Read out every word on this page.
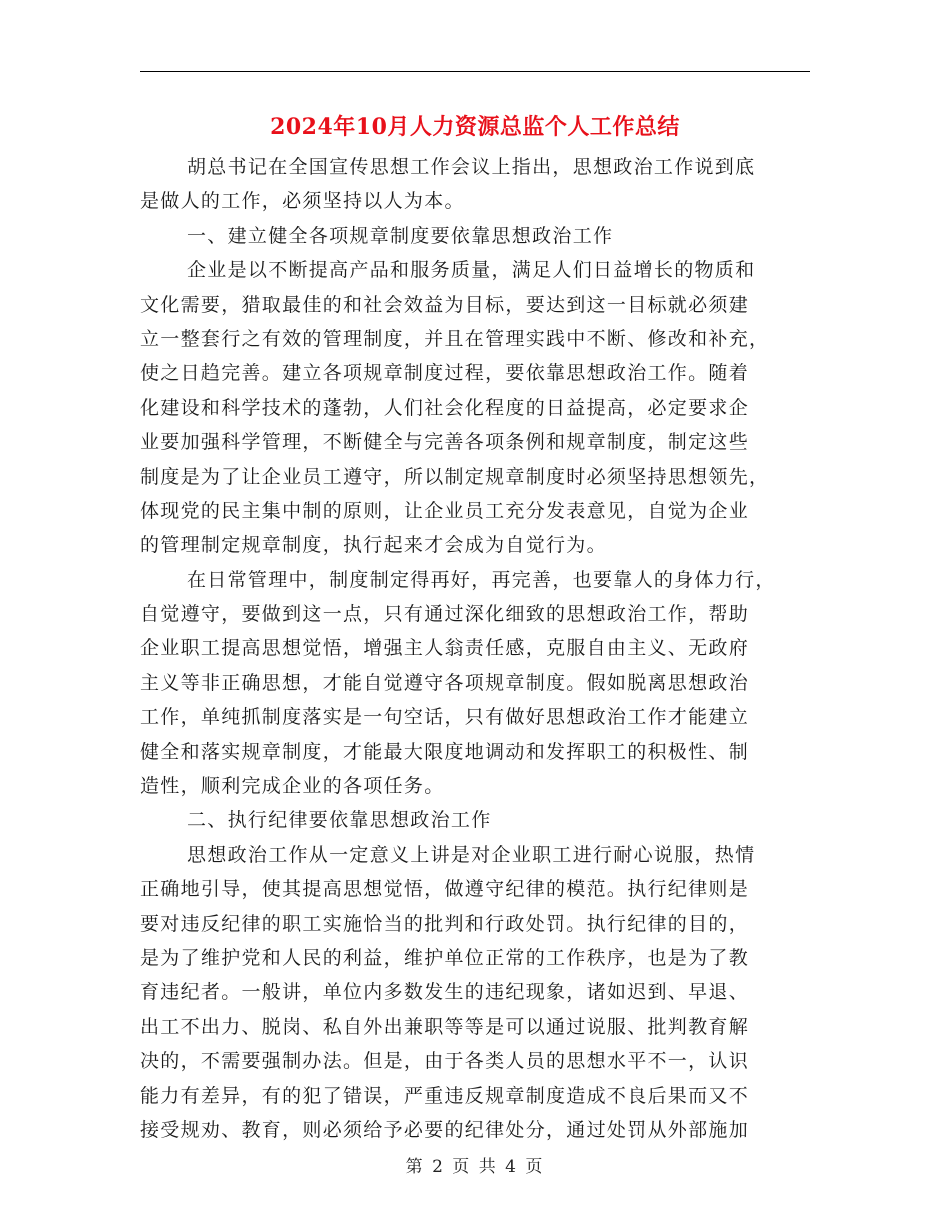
2024年10月人力资源总监个人工作总结
胡总书记在全国宣传思想工作会议上指出，思想政治工作说到底
是做人的工作，必须坚持以人为本。
一、建立健全各项规章制度要依靠思想政治工作
企业是以不断提高产品和服务质量，满足人们日益增长的物质和
文化需要，猎取最佳的和社会效益为目标，要达到这一目标就必须建
立一整套行之有效的管理制度，并且在管理实践中不断、修改和补充，
使之日趋完善。建立各项规章制度过程，要依靠思想政治工作。随着
化建设和科学技术的蓬勃，人们社会化程度的日益提高，必定要求企
业要加强科学管理，不断健全与完善各项条例和规章制度，制定这些
制度是为了让企业员工遵守，所以制定规章制度时必须坚持思想领先，
体现党的民主集中制的原则，让企业员工充分发表意见，自觉为企业
的管理制定规章制度，执行起来才会成为自觉行为。
在日常管理中，制度制定得再好，再完善，也要靠人的身体力行，
自觉遵守，要做到这一点，只有通过深化细致的思想政治工作，帮助
企业职工提高思想觉悟，增强主人翁责任感，克服自由主义、无政府
主义等非正确思想，才能自觉遵守各项规章制度。假如脱离思想政治
工作，单纯抓制度落实是一句空话，只有做好思想政治工作才能建立
健全和落实规章制度，才能最大限度地调动和发挥职工的积极性、制
造性，顺利完成企业的各项任务。
二、执行纪律要依靠思想政治工作
思想政治工作从一定意义上讲是对企业职工进行耐心说服，热情
正确地引导，使其提高思想觉悟，做遵守纪律的模范。执行纪律则是
要对违反纪律的职工实施恰当的批判和行政处罚。执行纪律的目的，
是为了维护党和人民的利益，维护单位正常的工作秩序，也是为了教
育违纪者。一般讲，单位内多数发生的违纪现象，诸如迟到、早退、
出工不出力、脱岗、私自外出兼职等等是可以通过说服、批判教育解
决的，不需要强制办法。但是，由于各类人员的思想水平不一，认识
能力有差异，有的犯了错误，严重违反规章制度造成不良后果而又不
接受规劝、教育，则必须给予必要的纪律处分，通过处罚从外部施加
第 2 页 共 4 页
